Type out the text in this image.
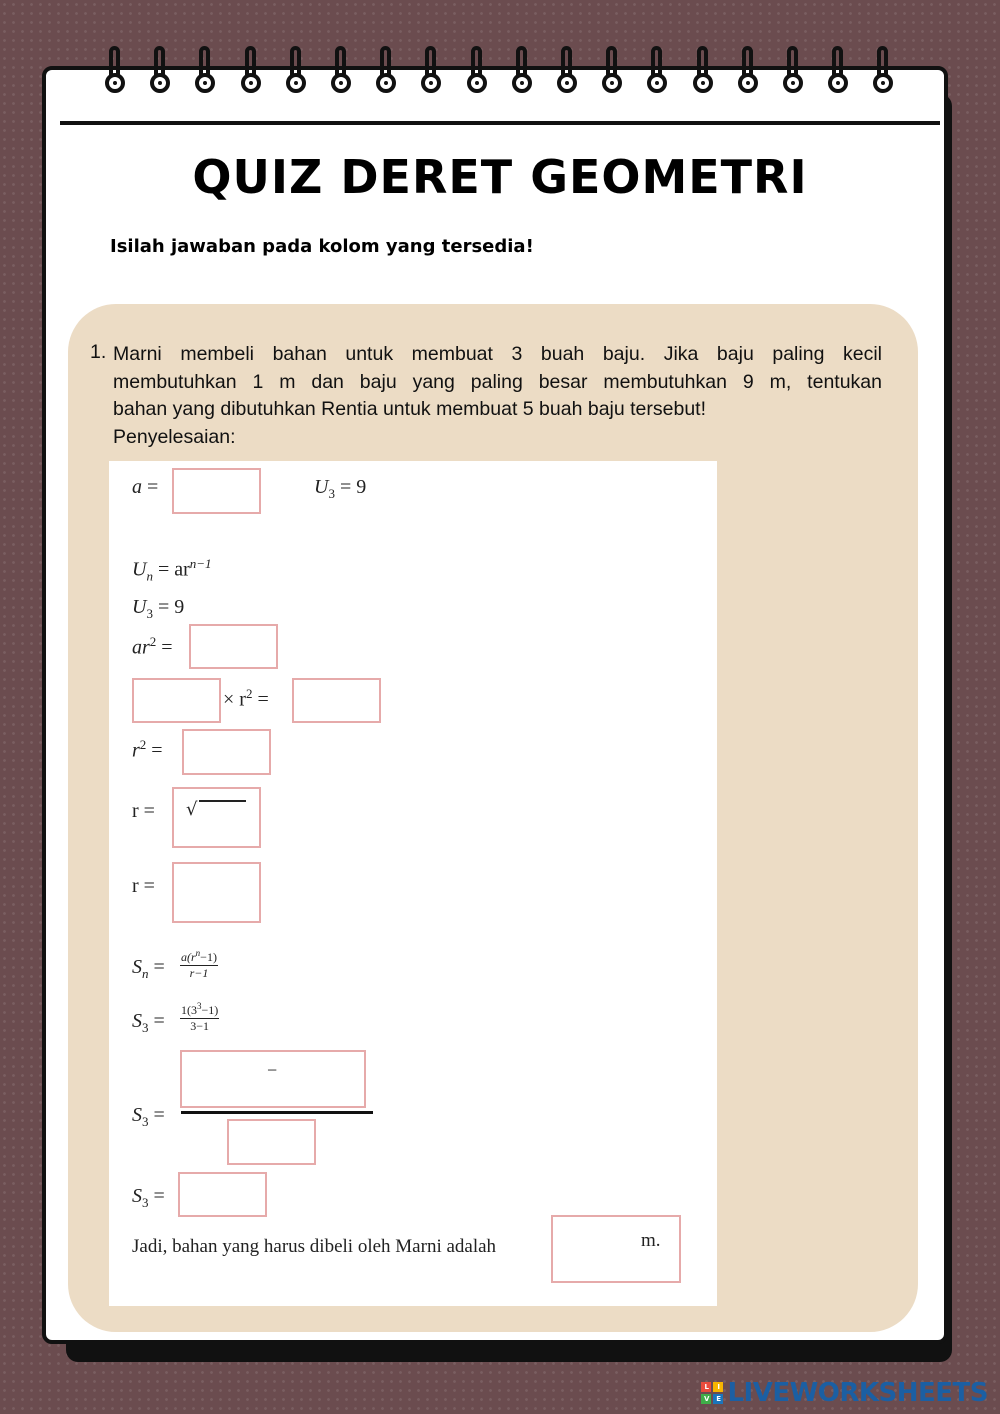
QUIZ DERET GEOMETRI
Isilah jawaban pada kolom yang tersedia!
1. Marni membeli bahan untuk membuat 3 buah baju. Jika baju paling kecil
membutuhkan 1 m dan baju yang paling besar membutuhkan 9 m, tentukan
bahan yang dibutuhkan Rentia untuk membuat 5 buah baju tersebut!
Penyelesaian:
a =	$U_3 = 9$
$U_n = ar^{n-1}$
$U_3 = 9$
$ar^2$ =
× $r^2$ =
$r^2$ =
r = √
r =
$S_n = \frac{a(r^n-1)}{r-1}$
$S_3 = \frac{1(3^3-1)}{3-1}$
$S_3$ =
−
$S_3$ =
Jadi, bahan yang harus dibeli oleh Marni adalah	m.
L	I
V	E LIVEWORKSHEETS
